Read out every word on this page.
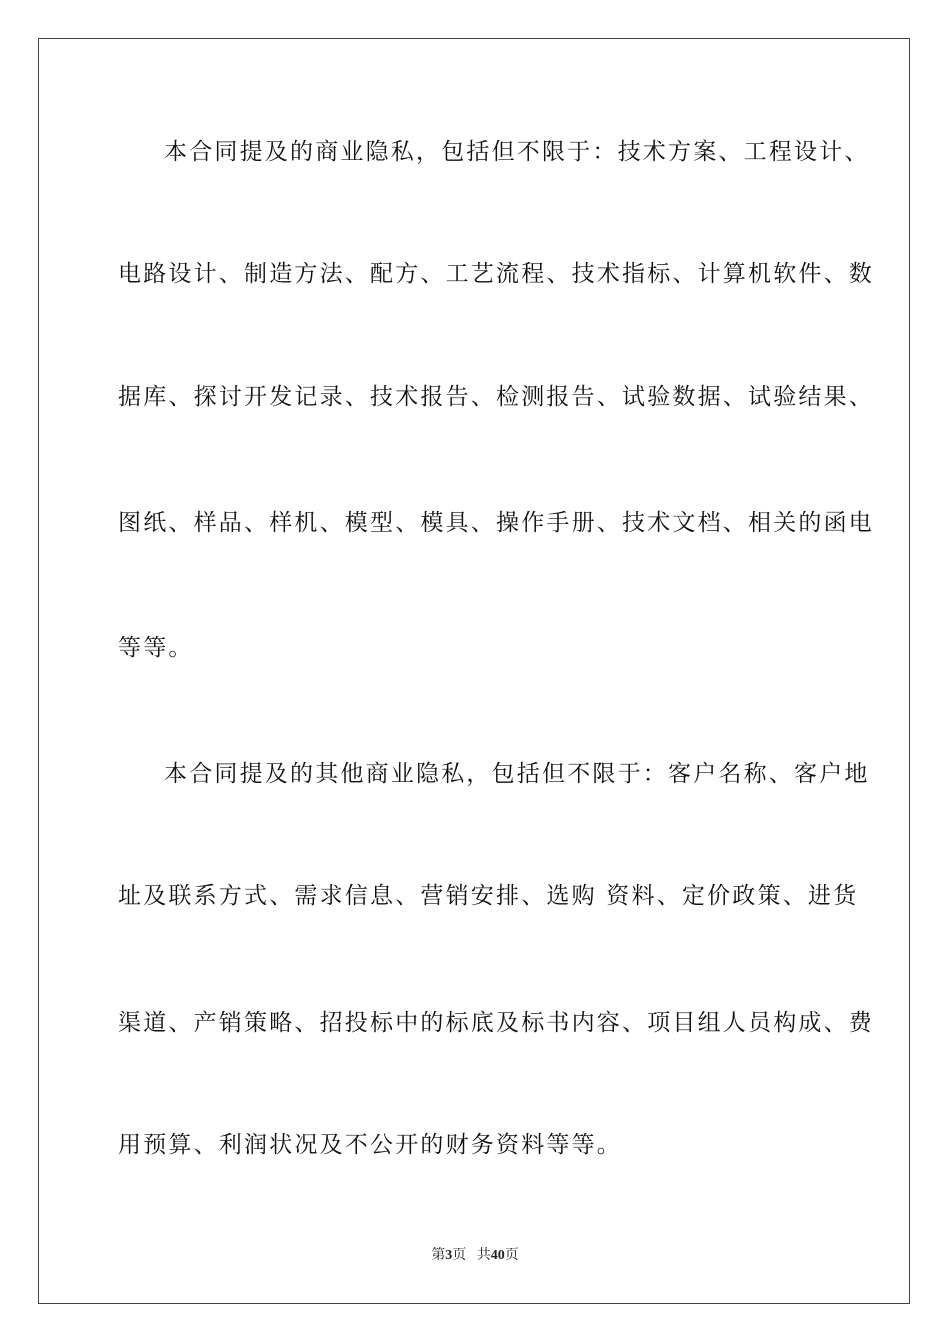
本合同提及的商业隐私，包括但不限于：技术方案、工程设计、
电路设计、制造方法、配方、工艺流程、技术指标、计算机软件、数
据库、探讨开发记录、技术报告、检测报告、试验数据、试验结果、
图纸、样品、样机、模型、模具、操作手册、技术文档、相关的函电
等等。
本合同提及的其他商业隐私，包括但不限于：客户名称、客户地
址及联系方式、需求信息、营销安排、选购 资料、定价政策、进货
渠道、产销策略、招投标中的标底及标书内容、项目组人员构成、费
用预算、利润状况及不公开的财务资料等等。
第3页 共40页
